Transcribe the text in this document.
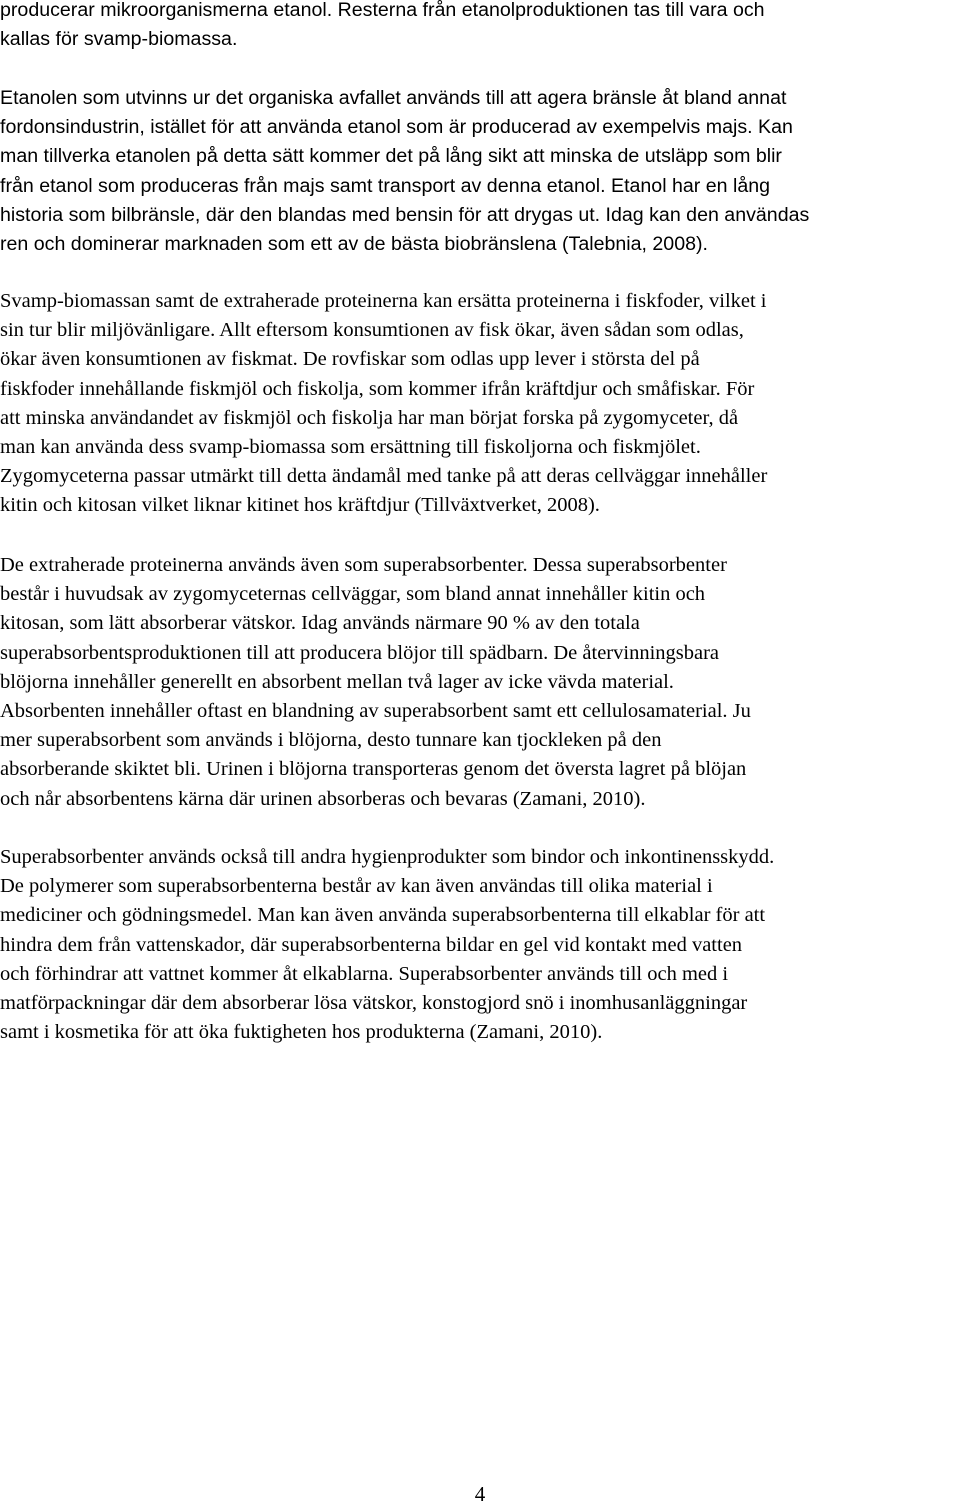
producerar mikroorganismerna etanol. Resterna från etanolproduktionen tas till vara och
kallas för svamp-biomassa.
Etanolen som utvinns ur det organiska avfallet används till att agera bränsle åt bland annat
fordonsindustrin, istället för att använda etanol som är producerad av exempelvis majs. Kan
man tillverka etanolen på detta sätt kommer det på lång sikt att minska de utsläpp som blir
från etanol som produceras från majs samt transport av denna etanol. Etanol har en lång
historia som bilbränsle, där den blandas med bensin för att drygas ut. Idag kan den användas
ren och dominerar marknaden som ett av de bästa biobränslena (Talebnia, 2008).
Svamp-biomassan samt de extraherade proteinerna kan ersätta proteinerna i fiskfoder, vilket i
sin tur blir miljövänligare. Allt eftersom konsumtionen av fisk ökar, även sådan som odlas,
ökar även konsumtionen av fiskmat. De rovfiskar som odlas upp lever i största del på
fiskfoder innehållande fiskmjöl och fiskolja, som kommer ifrån kräftdjur och småfiskar. För
att minska användandet av fiskmjöl och fiskolja har man börjat forska på zygomyceter, då
man kan använda dess svamp-biomassa som ersättning till fiskoljorna och fiskmjölet.
Zygomyceterna passar utmärkt till detta ändamål med tanke på att deras cellväggar innehåller
kitin och kitosan vilket liknar kitinet hos kräftdjur (Tillväxtverket, 2008).
De extraherade proteinerna används även som superabsorbenter. Dessa superabsorbenter
består i huvudsak av zygomyceternas cellväggar, som bland annat innehåller kitin och
kitosan, som lätt absorberar vätskor. Idag används närmare 90 % av den totala
superabsorbentsproduktionen till att producera blöjor till spädbarn. De återvinningsbara
blöjorna innehåller generellt en absorbent mellan två lager av icke vävda material.
Absorbenten innehåller oftast en blandning av superabsorbent samt ett cellulosamaterial. Ju
mer superabsorbent som används i blöjorna, desto tunnare kan tjockleken på den
absorberande skiktet bli. Urinen i blöjorna transporteras genom det översta lagret på blöjan
och når absorbentens kärna där urinen absorberas och bevaras (Zamani, 2010).
Superabsorbenter används också till andra hygienprodukter som bindor och inkontinensskydd.
De polymerer som superabsorbenterna består av kan även användas till olika material i
mediciner och gödningsmedel. Man kan även använda superabsorbenterna till elkablar för att
hindra dem från vattenskador, där superabsorbenterna bildar en gel vid kontakt med vatten
och förhindrar att vattnet kommer åt elkablarna. Superabsorbenter används till och med i
matförpackningar där dem absorberar lösa vätskor, konstogjord snö i inomhusanläggningar
samt i kosmetika för att öka fuktigheten hos produkterna (Zamani, 2010).
4
